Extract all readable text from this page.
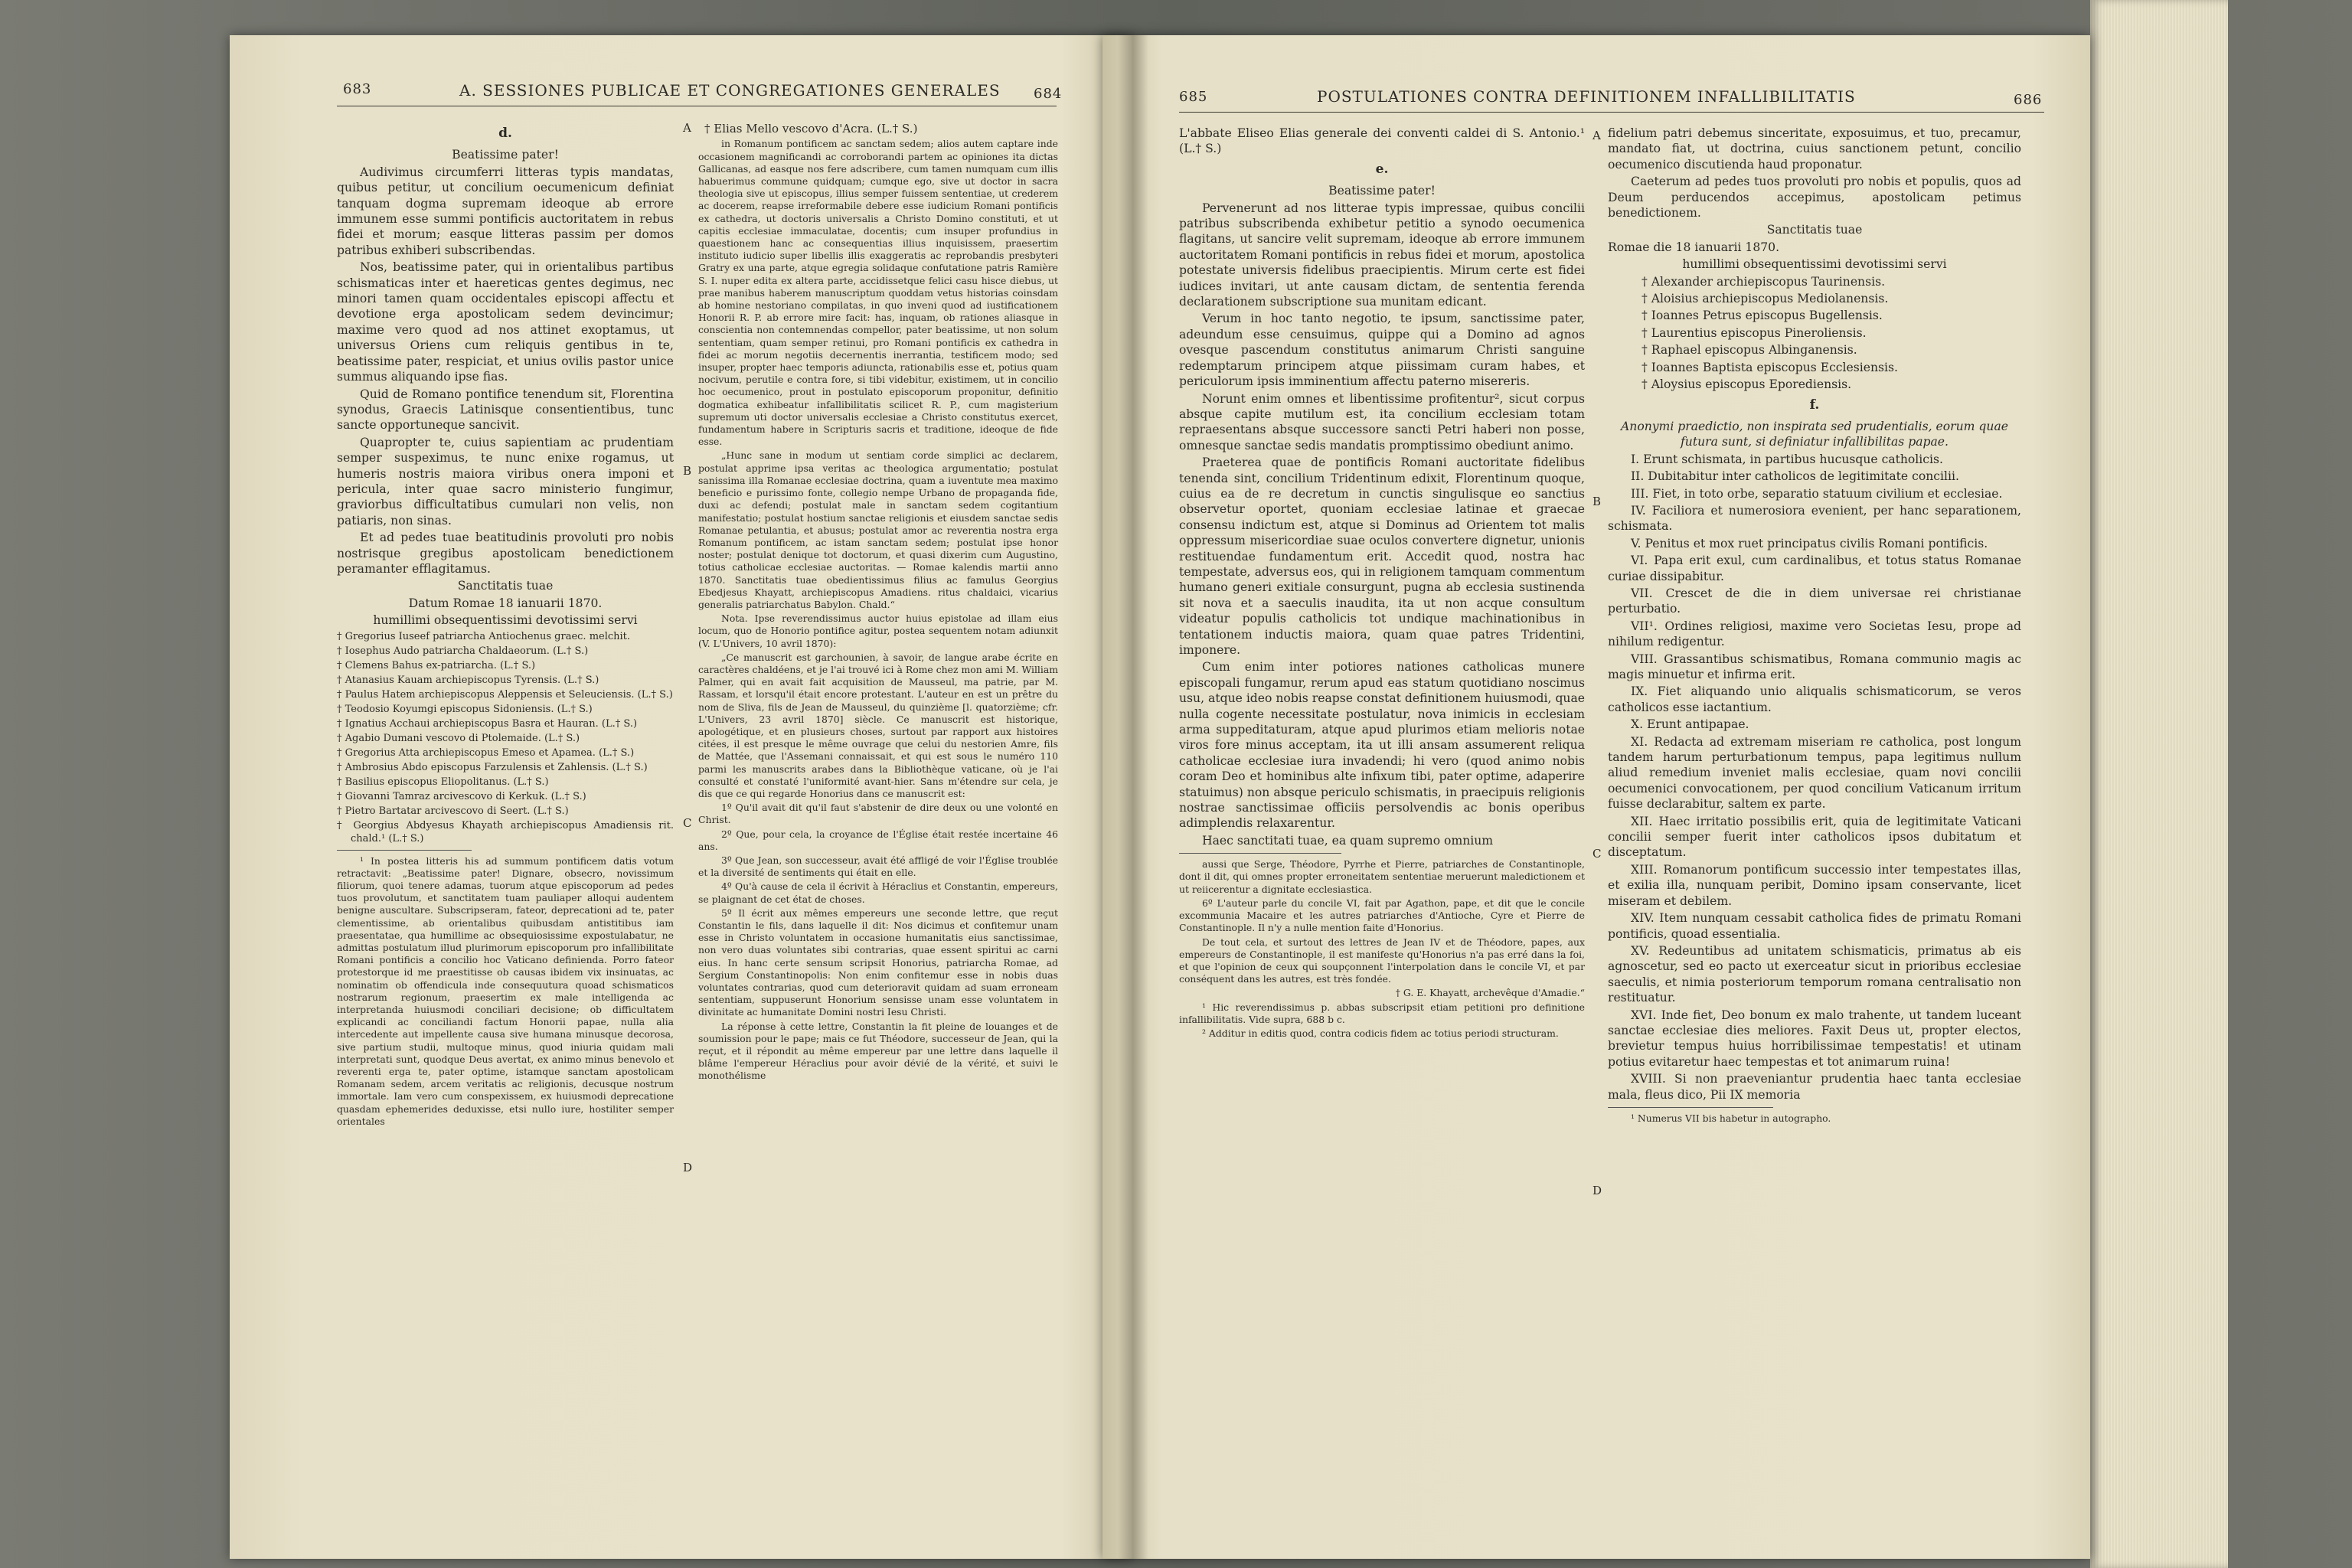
683	A. SESSIONES PUBLICAE ET CONGREGATIONES GENERALES 684

d.

Beatissime pater!

Audivimus circumferri litteras typis mandatas, quibus petitur, ut concilium oecumenicum definiat tanquam dogma supremam ideoque ab errore immunem esse summi pontificis auctoritatem in rebus fidei et morum; easque litteras passim per domos patribus exhiberi subscribendas.

Nos, beatissime pater, qui in orientalibus partibus schismaticas inter et haereticas gentes degimus, nec minori tamen quam occidentales episcopi affectu et devotione erga apostolicam sedem devincimur; maxime vero quod ad nos attinet exoptamus, ut universus Oriens cum reliquis gentibus in te, beatissime pater, respiciat, et unius ovilis pastor unice summus aliquando ipse fias.

Quid de Romano pontifice tenendum sit, Florentina synodus, Graecis Latinisque consentientibus, tunc sancte opportuneque sancivit.

Quapropter te, cuius sapientiam ac prudentiam semper suspeximus, te nunc enixe rogamus, ut humeris nostris maiora viribus onera imponi et pericula, inter quae sacro ministerio fungimur, graviorbus difficultatibus cumulari non velis, non patiaris, non sinas.

Et ad pedes tuae beatitudinis provoluti pro nobis nostrisque gregibus apostolicam benedictionem peramanter efflagitamus.

Sanctitatis tuae

Datum Romae 18 ianuarii 1870.

humillimi obsequentissimi devotissimi servi

† Gregorius Iuseef patriarcha Antiochenus graec. melchit.

† Iosephus Audo patriarcha Chaldaeorum. (L.† S.)

† Clemens Bahus ex-patriarcha. (L.† S.)

† Atanasius Kauam archiepiscopus Tyrensis. (L.† S.)

† Paulus Hatem archiepiscopus Aleppensis et Seleuciensis. (L.† S.)

† Teodosio Koyumgi episcopus Sidoniensis. (L.† S.)

† Ignatius Acchaui archiepiscopus Basra et Hauran. (L.† S.)

† Agabio Dumani vescovo di Ptolemaide. (L.† S.)

† Gregorius Atta archiepiscopus Emeso et Apamea. (L.† S.)

† Ambrosius Abdo episcopus Farzulensis et Zahlensis. (L.† S.)

† Basilius episcopus Eliopolitanus. (L.† S.)

† Giovanni Tamraz arcivescovo di Kerkuk. (L.† S.)

† Pietro Bartatar arcivescovo di Seert. (L.† S.)

† Georgius Abdyesus Khayath archiepiscopus Amadiensis rit. chald.¹ (L.† S.)

¹ In posteа litteris his ad summum pontificem datis votum retractavit: „Beatissime pater! Dignare, obsecro, novissimum filiorum, quoi tenere adamas, tuorum atque episcoporum ad pedes tuos provolutum, et sanctitatem tuam pauliaper alloqui audentem benigne auscultare. Subscripseram, fateor, deprecationi ad te, pater clementissime, ab orientalibus quibusdam antistitibus iam praesentatae, qua humillime ac obsequiosissime expostulabatur, ne admittas postulatum illud plurimorum episcoporum pro infallibilitate Romani pontificis a concilio hoc Vaticano definienda. Porro fateor protestorque id me praestitisse ob causas ibidem vix insinuatas, ac nominatim ob offendicula inde consequutura quoad schismaticos nostrarum regionum, praesertim ex male intelligenda ac interpretanda huiusmodi conciliari decisione; ob difficultatem explicandi ac conciliandi factum Honorii papae, nulla alia intercedente aut impellente causa sive humana minusque decorosa, sive partium studii, multoque minus, quod iniuria quidam mali interpretati sunt, quodque Deus avertat, ex animo minus benevolo et reverenti erga te, pater optime, istamque sanctam apostolicam Romanam sedem, arcem veritatis ac religionis, decusque nostrum immortale. Iam vero cum conspexissem, ex huiusmodi deprecatione quasdam ephemerides deduxisse, etsi nullo iure, hostiliter semper orientales

A
B
C
D

† Elias Mello vescovo d'Acra. (L.† S.)

in Romanum pontificem ac sanctam sedem; alios autem captare inde occasionem magnificandi ac corroborandi partem ac opiniones ita dictas Gallicanas, ad easque nos fere adscribere, cum tamen numquam cum illis habuerimus commune quidquam; cumque ego, sive ut doctor in sacra theologia sive ut episcopus, illius semper fuissem sententiae, ut crederem ac docerem, reapse irreformabile debere esse iudicium Romani pontificis ex cathedra, ut doctoris universalis a Christo Domino constituti, et ut capitis ecclesiae immaculatae, docentis; cum insuper profundius in quaestionem hanc ac consequentias illius inquisissem, praesertim instituto iudicio super libellis illis exaggeratis ac reprobandis presbyteri Gratry ex una parte, atque egregia solidaque confutatione patris Ramière S. I. nuper edita ex altera parte, accidissetque felici casu hisce diebus, ut prae manibus haberem manuscriptum quoddam vetus historias coinsdam ab homine nestoriano compilatas, in quo inveni quod ad iustificationem Honorii R. P. ab errore mire facit: has, inquam, ob rationes aliasque in conscientia non contemnendas compellor, pater beatissime, ut non solum sententiam, quam semper retinui, pro Romani pontificis ex cathedra in fidei ac morum negotiis decernentis inerrantia, testificem modo; sed insuper, propter haec temporis adiuncta, rationabilis esse et, potius quam nocivum, perutile e contra fore, si tibi videbitur, existimem, ut in concilio hoc oecumenico, prout in postulato episcoporum proponitur, definitio dogmatica exhibeatur infallibilitatis scilicet R. P., cum magisterium supremum uti doctor universalis ecclesiae a Christo constitutus exercet, fundamentum habere in Scripturis sacris et traditione, ideoque de fide esse.

„Hunc sane in modum ut sentiam corde simplici ac declarem, postulat apprime ipsa veritas ac theologica argumentatio; postulat sanissima illa Romanae ecclesiae doctrina, quam a iuventute mea maximo beneficio e purissimo fonte, collegio nempe Urbano de propaganda fide, duxi ac defendi; postulat male in sanctam sedem cogitantium manifestatio; postulat hostium sanctae religionis et eiusdem sanctae sedis Romanae petulantia, et abusus; postulat amor ac reverentia nostra erga Romanum pontificem, ac istam sanctam sedem; postulat ipse honor noster; postulat denique tot doctorum, et quasi dixerim cum Augustino, totius catholicae ecclesiae auctoritas. — Romae kalendis martii anno 1870. Sanctitatis tuae obedientissimus filius ac famulus Georgius Ebedjesus Khayatt, archiepiscopus Amadiens. ritus chaldaici, vicarius generalis patriarchatus Babylon. Chald.“

Nota. Ipse reverendissimus auctor huius epistolae ad illam eius locum, quo de Honorio pontifice agitur, postea sequentem notam adiunxit (V. L'Univers, 10 avril 1870):

„Ce manuscrit est garchounien, à savoir, de langue arabe écrite en caractères chaldéens, et je l'ai trouvé ici à Rome chez mon ami M. William Palmer, qui en avait fait acquisition de Mausseul, ma patrie, par M. Rassam, et lorsqu'il était encore protestant. L'auteur en est un prêtre du nom de Sliva, fils de Jean de Mausseul, du quinzième [l. quatorzième; cfr. L'Univers, 23 avril 1870] siècle. Ce manuscrit est historique, apologétique, et en plusieurs choses, surtout par rapport aux histoires citées, il est presque le même ouvrage que celui du nestorien Amre, fils de Mattée, que l'Assemani connaissait, et qui est sous le numéro 110 parmi les manuscrits arabes dans la Bibliothèque vaticane, où je l'ai consulté et constaté l'uniformité avant-hier. Sans m'étendre sur cela, je dis que ce qui regarde Honorius dans ce manuscrit est:

1º Qu'il avait dit qu'il faut s'abstenir de dire deux ou une volonté en Christ.

2º Que, pour cela, la croyance de l'Église était restée incertaine 46 ans.

3º Que Jean, son successeur, avait été affligé de voir l'Église troublée et la diversité de sentiments qui était en elle.

4º Qu'à cause de cela il écrivit à Héraclius et Constantin, empereurs, se plaignant de cet état de choses.

5º Il écrit aux mêmes empereurs une seconde lettre, que reçut Constantin le fils, dans laquelle il dit: Nos dicimus et confitemur unam esse in Christo voluntatem in occasione humanitatis eius sanctissimae, non vero duas voluntates sibi contrarias, quae essent spiritui ac carni eius. In hanc certe sensum scripsit Honorius, patriarcha Romae, ad Sergium Constantinopolis: Non enim confitemur esse in nobis duas voluntates contrarias, quod cum deterioravit quidam ad suam erroneam sententiam, suppuserunt Honorium sensisse unam esse voluntatem in divinitate ac humanitate Domini nostri Iesu Christi.

La réponse à cette lettre, Constantin la fit pleine de louanges et de soumission pour le pape; mais ce fut Théodore, successeur de Jean, qui la reçut, et il répondit au même empereur par une lettre dans laquelle il blâme l'empereur Héraclius pour avoir dévié de la vérité, et suivi le monothélisme

685	POSTULATIONES CONTRA DEFINITIONEM INFALLIBILITATIS	686

L'abbate Eliseo Elias generale dei conventi caldei di S. Antonio.¹ (L.† S.)

e.

Beatissime pater!

Pervenerunt ad nos litterae typis impressae, quibus concilii patribus subscribenda exhibetur petitio a synodo oecumenica flagitans, ut sancire velit supremam, ideoque ab errore immunem auctoritatem Romani pontificis in rebus fidei et morum, apostolica potestate universis fidelibus praecipientis. Mirum certe est fidei iudices invitari, ut ante causam dictam, de sententia ferenda declarationem subscriptione sua munitam edicant.

Verum in hoc tanto negotio, te ipsum, sanctissime pater, adeundum esse censuimus, quippe qui a Domino ad agnos ovesque pascendum constitutus animarum Christi sanguine redemptarum principem atque piissimam curam habes, et periculorum ipsis imminentium affectu paterno misereris.

Norunt enim omnes et libentissime profitentur², sicut corpus absque capite mutilum est, ita concilium ecclesiam totam repraesentans absque successore sancti Petri haberi non posse, omnesque sanctae sedis mandatis promptissimo obediunt animo.

Praeterea quae de pontificis Romani auctoritate fidelibus tenenda sint, concilium Tridentinum edixit, Florentinum quoque, cuius ea de re decretum in cunctis singulisque eo sanctius observetur oportet, quoniam ecclesiae latinae et graecae consensu indictum est, atque si Dominus ad Orientem tot malis oppressum misericordiae suae oculos convertere dignetur, unionis restituendae fundamentum erit. Accedit quod, nostra hac tempestate, adversus eos, qui in religionem tamquam commentum humano generi exitiale consurgunt, pugna ab ecclesia sustinenda sit nova et a saeculis inaudita, ita ut non acque consultum videatur populis catholicis tot undique machinationibus in tentationem inductis maiora, quam quae patres Tridentini, imponere.

Cum enim inter potiores nationes catholicas munere episcopali fungamur, rerum apud eas statum quotidiano noscimus usu, atque ideo nobis reapse constat definitionem huiusmodi, quae nulla cogente necessitate postulatur, nova inimicis in ecclesiam arma suppeditaturam, atque apud plurimos etiam melioris notae viros fore minus acceptam, ita ut illi ansam assumerent reliqua catholicae ecclesiae iura invadendi; hi vero (quod animo nobis coram Deo et hominibus alte infixum tibi, pater optime, adaperire statuimus) non absque periculo schismatis, in praecipuis religionis nostrae sanctissimae officiis persolvendis ac bonis operibus adimplendis relaxarentur.

Haec sanctitati tuae, ea quam supremo omnium

aussi que Serge, Théodore, Pyrrhe et Pierre, patriarches de Constantinople, dont il dit, qui omnes propter erroneitatem sententiae meruerunt maledictionem et ut reiicerentur a dignitate ecclesiastica.

6º L'auteur parle du concile VI, fait par Agathon, pape, et dit que le concile excommunia Macaire et les autres patriarches d'Antioche, Cyre et Pierre de Constantinople. Il n'y a nulle mention faite d'Honorius.

De tout cela, et surtout des lettres de Jean IV et de Théodore, papes, aux empereurs de Constantinople, il est manifeste qu'Honorius n'a pas erré dans la foi, et que l'opinion de ceux qui soupçonnent l'interpolation dans le concile VI, et par conséquent dans les autres, est très fondée.

† G. E. Khayatt, archevêque d'Amadie.“

¹ Hic reverendissimus p. abbas subscripsit etiam petitioni pro definitione infallibilitatis. Vide supra, 688 b c.

² Additur in editis quod, contra codicis fidem ac totius periodi structuram.

A
B
C
D

fidelium patri debemus sinceritate, exposuimus, et tuo, precamur, mandato fiat, ut doctrina, cuius sanctionem petunt, concilio oecumenico discutienda haud proponatur.

Caeterum ad pedes tuos provoluti pro nobis et populis, quos ad Deum perducendos accepimus, apostolicam petimus benedictionem.

Sanctitatis tuae

Romae die 18 ianuarii 1870.

humillimi obsequentissimi devotissimi servi

† Alexander archiepiscopus Taurinensis.

† Aloisius archiepiscopus Mediolanensis.

† Ioannes Petrus episcopus Bugellensis.

† Laurentius episcopus Pineroliensis.

† Raphael episcopus Albinganensis.

† Ioannes Baptista episcopus Ecclesiensis.

† Aloysius episcopus Eporediensis.

f.

Anonymi praedictio, non inspirata sed prudentialis, eorum quae futura sunt, si definiatur infallibilitas papae.

I. Erunt schismata, in partibus hucusque catholicis.

II. Dubitabitur inter catholicos de legitimitate concilii.

III. Fiet, in toto orbe, separatio statuum civilium et ecclesiae.

IV. Faciliora et numerosiora evenient, per hanc separationem, schismata.

V. Penitus et mox ruet principatus civilis Romani pontificis.

VI. Papa erit exul, cum cardinalibus, et totus status Romanae curiae dissipabitur.

VII. Crescet de die in diem universae rei christianae perturbatio.

VII¹. Ordines religiosi, maxime vero Societas Iesu, prope ad nihilum redigentur.

VIII. Grassantibus schismatibus, Romana communio magis ac magis minuetur et infirma erit.

IX. Fiet aliquando unio aliqualis schismaticorum, se veros catholicos esse iactantium.

X. Erunt antipapae.

XI. Redacta ad extremam miseriam re catholica, post longum tandem harum perturbationum tempus, papa legitimus nullum aliud remedium inveniet malis ecclesiae, quam novi concilii oecumenici convocationem, per quod concilium Vaticanum irritum fuisse declarabitur, saltem ex parte.

XII. Haec irritatio possibilis erit, quia de legitimitate Vaticani concilii semper fuerit inter catholicos ipsos dubitatum et disceptatum.

XIII. Romanorum pontificum successio inter tempestates illas, et exilia illa, nunquam peribit, Domino ipsam conservante, licet miseram et debilem.

XIV. Item nunquam cessabit catholica fides de primatu Romani pontificis, quoad essentialia.

XV. Redeuntibus ad unitatem schismaticis, primatus ab eis agnoscetur, sed eo pacto ut exerceatur sicut in prioribus ecclesiae saeculis, et nimia posteriorum temporum romana centralisatio non restituatur.

XVI. Inde fiet, Deo bonum ex malo trahente, ut tandem luceant sanctae ecclesiae dies meliores. Faxit Deus ut, propter electos, brevietur tempus huius horribilissimae tempestatis! et utinam potius evitaretur haec tempestas et tot animarum ruina!

XVIII. Si non praeveniantur prudentia haec tanta ecclesiae mala, fleus dico, Pii IX memoria

¹ Numerus VII bis habetur in autographo.
